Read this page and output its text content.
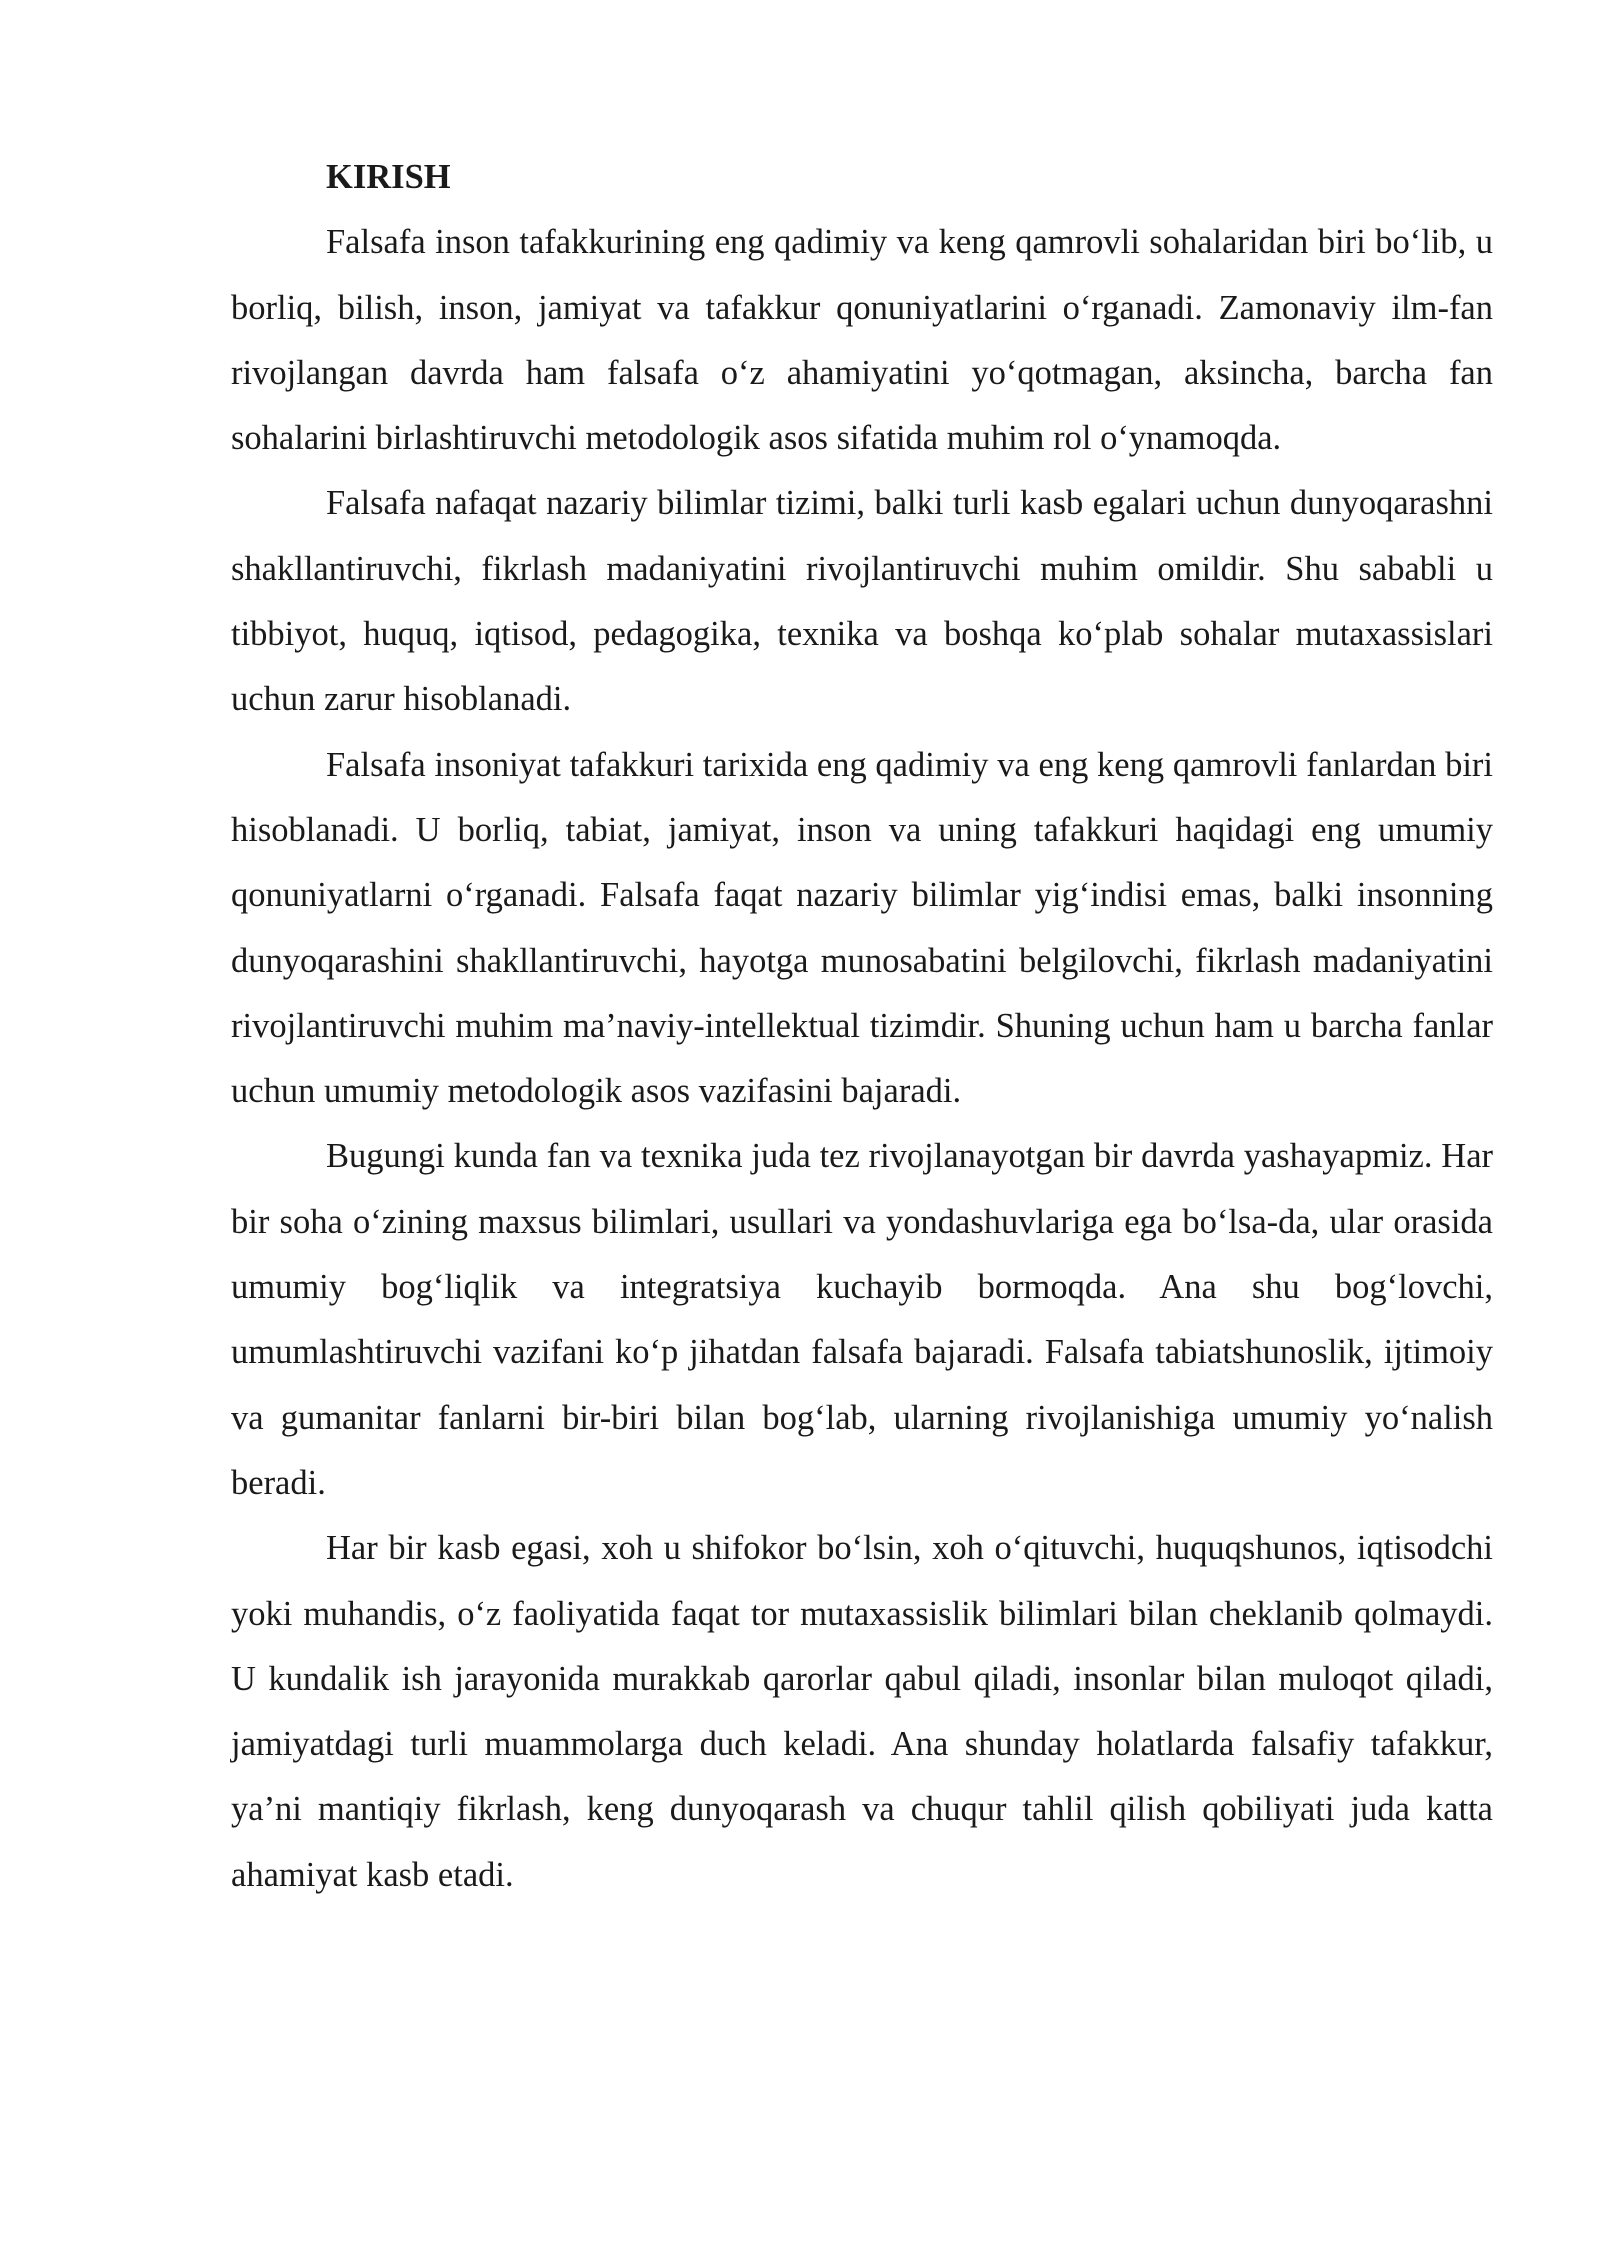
KIRISH

Falsafa inson tafakkurining eng qadimiy va keng qamrovli sohalaridan biri bo‘lib, u borliq, bilish, inson, jamiyat va tafakkur qonuniyatlarini o‘rganadi. Zamonaviy ilm-fan rivojlangan davrda ham falsafa o‘z ahamiyatini yo‘qotmagan, aksincha, barcha fan sohalarini birlashtiruvchi metodologik asos sifatida muhim rol o‘ynamoqda.

Falsafa nafaqat nazariy bilimlar tizimi, balki turli kasb egalari uchun dunyoqarashni shakllantiruvchi, fikrlash madaniyatini rivojlantiruvchi muhim omildir. Shu sababli u tibbiyot, huquq, iqtisod, pedagogika, texnika va boshqa ko‘plab sohalar mutaxassislari uchun zarur hisoblanadi.

Falsafa insoniyat tafakkuri tarixida eng qadimiy va eng keng qamrovli fanlardan biri hisoblanadi. U borliq, tabiat, jamiyat, inson va uning tafakkuri haqidagi eng umumiy qonuniyatlarni o‘rganadi. Falsafa faqat nazariy bilimlar yig‘indisi emas, balki insonning dunyoqarashini shakllantiruvchi, hayotga munosabatini belgilovchi, fikrlash madaniyatini rivojlantiruvchi muhim ma’naviy-intellektual tizimdir. Shuning uchun ham u barcha fanlar uchun umumiy metodologik asos vazifasini bajaradi.

Bugungi kunda fan va texnika juda tez rivojlanayotgan bir davrda yashayapmiz. Har bir soha o‘zining maxsus bilimlari, usullari va yondashuvlariga ega bo‘lsa-da, ular orasida umumiy bog‘liqlik va integratsiya kuchayib bormoqda. Ana shu bog‘lovchi, umumlashtiruvchi vazifani ko‘p jihatdan falsafa bajaradi. Falsafa tabiatshunoslik, ijtimoiy va gumanitar fanlarni bir-biri bilan bog‘lab, ularning rivojlanishiga umumiy yo‘nalish beradi.

Har bir kasb egasi, xoh u shifokor bo‘lsin, xoh o‘qituvchi, huquqshunos, iqtisodchi yoki muhandis, o‘z faoliyatida faqat tor mutaxassislik bilimlari bilan cheklanib qolmaydi. U kundalik ish jarayonida murakkab qarorlar qabul qiladi, insonlar bilan muloqot qiladi, jamiyatdagi turli muammolarga duch keladi. Ana shunday holatlarda falsafiy tafakkur, ya’ni mantiqiy fikrlash, keng dunyoqarash va chuqur tahlil qilish qobiliyati juda katta ahamiyat kasb etadi.
